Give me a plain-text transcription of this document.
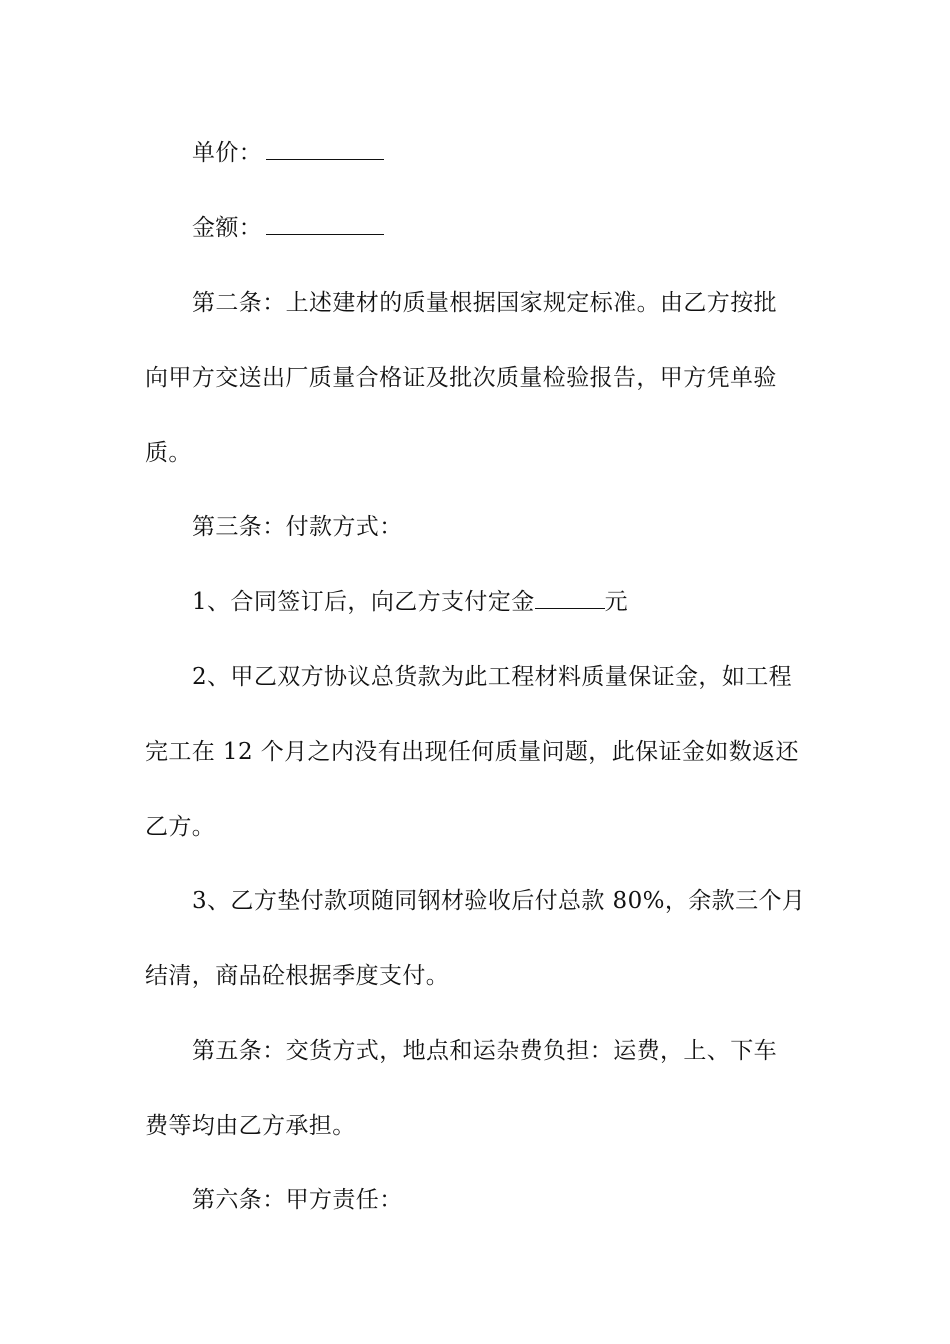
单价：
金额：
第二条：上述建材的质量根据国家规定标准。由乙方按批
向甲方交送出厂质量合格证及批次质量检验报告，甲方凭单验
质。
第三条：付款方式：
1、合同签订后，向乙方支付定金	元
2、甲乙双方协议总货款为此工程材料质量保证金，如工程
完工在 12 个月之内没有出现任何质量问题，此保证金如数返还
乙方。
3、乙方垫付款项随同钢材验收后付总款 80%，余款三个月
结清，商品砼根据季度支付。
第五条：交货方式，地点和运杂费负担：运费，上、下车
费等均由乙方承担。
第六条：甲方责任：
